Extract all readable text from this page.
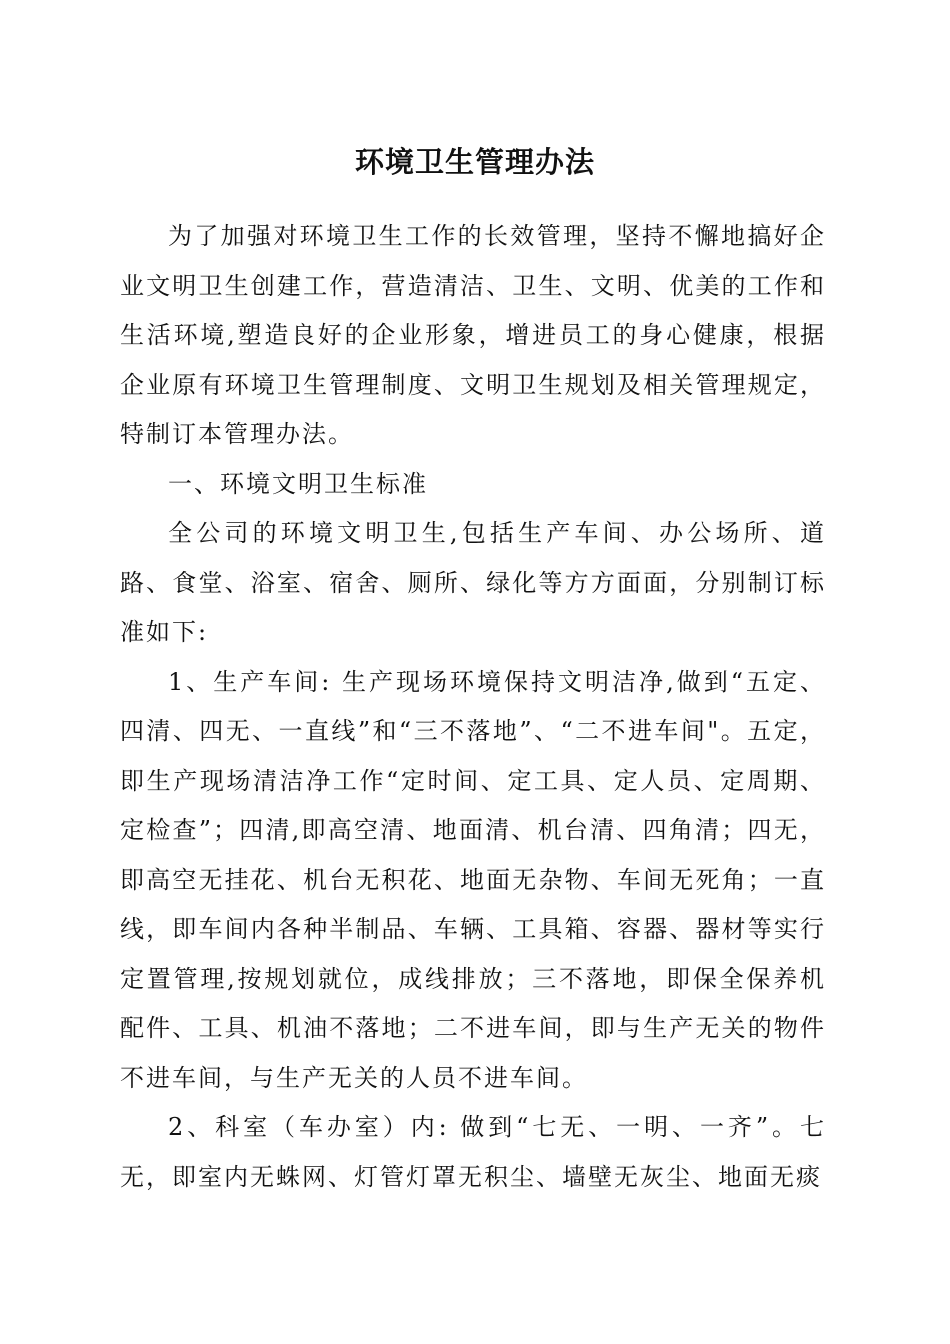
环境卫生管理办法

为了加强对环境卫生工作的长效管理，坚持不懈地搞好企业文明卫生创建工作，营造清洁、卫生、文明、优美的工作和生活环境,塑造良好的企业形象，增进员工的身心健康，根据企业原有环境卫生管理制度、文明卫生规划及相关管理规定，特制订本管理办法。

一、环境文明卫生标准

全公司的环境文明卫生,包括生产车间、办公场所、道路、食堂、浴室、宿舍、厕所、绿化等方方面面，分别制订标准如下:

1、生产车间: 生产现场环境保持文明洁净,做到“五定、四清、四无、一直线”和“三不落地”、“二不进车间"。五定，即生产现场清洁净工作“定时间、定工具、定人员、定周期、定检查”；四清,即高空清、地面清、机台清、四角清；四无，即高空无挂花、机台无积花、地面无杂物、车间无死角；一直线，即车间内各种半制品、车辆、工具箱、容器、器材等实行定置管理,按规划就位，成线排放；三不落地，即保全保养机配件、工具、机油不落地；二不进车间，即与生产无关的物件不进车间，与生产无关的人员不进车间。

2、科室（车办室）内: 做到“七无、一明、一齐”。七无，即室内无蛛网、灯管灯罩无积尘、墙壁无灰尘、地面无痰
